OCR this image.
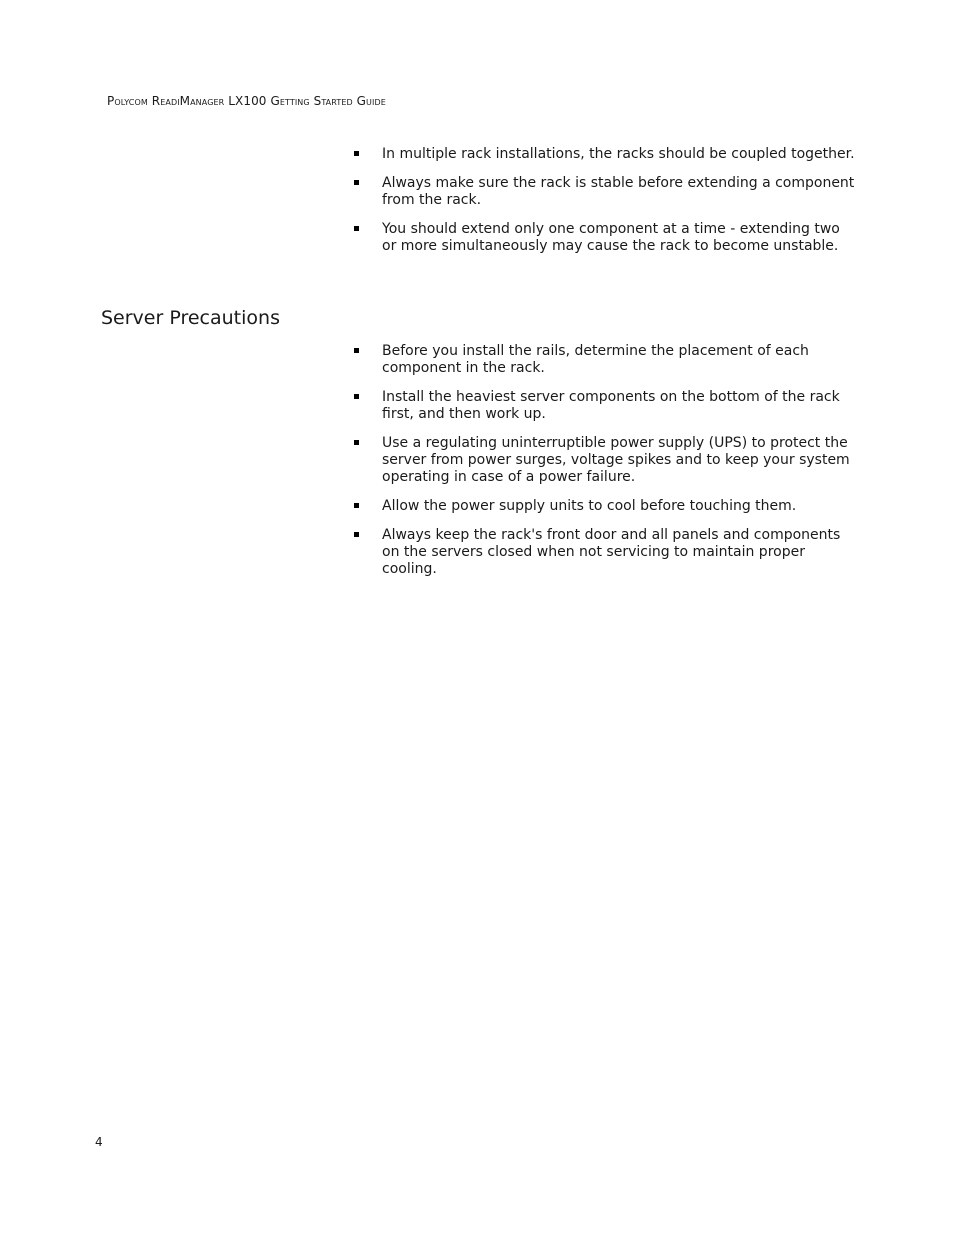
Polycom ReadiManager LX100 Getting Started Guide
In multiple rack installations, the racks should be coupled together.
Always make sure the rack is stable before extending a component from the rack.
You should extend only one component at a time - extending two or more simultaneously may cause the rack to become unstable.
Server Precautions
Before you install the rails, determine the placement of each component in the rack.
Install the heaviest server components on the bottom of the rack first, and then work up.
Use a regulating uninterruptible power supply (UPS) to protect the server from power surges, voltage spikes and to keep your system operating in case of a power failure.
Allow the power supply units to cool before touching them.
Always keep the rack's front door and all panels and components on the servers closed when not servicing to maintain proper cooling.
4
